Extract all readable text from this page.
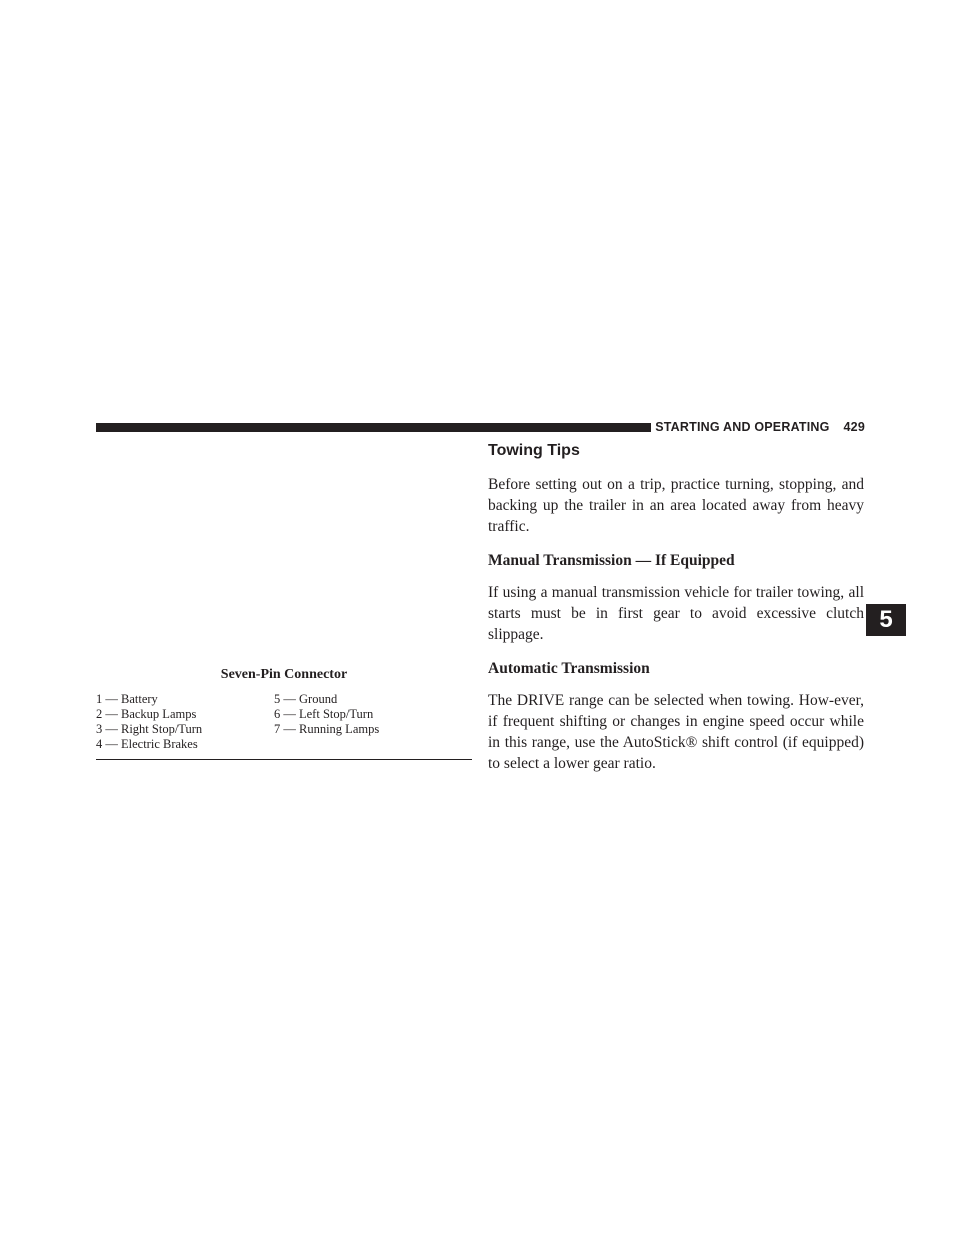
STARTING AND OPERATING 429
5
Seven-Pin Connector
1 — Battery	5 — Ground
2 — Backup Lamps	6 — Left Stop/Turn
3 — Right Stop/Turn	7 — Running Lamps
4 — Electric Brakes
Towing Tips

Before setting out on a trip, practice turning, stopping, and backing up the trailer in an area located away from heavy traffic.

Manual Transmission — If Equipped

If using a manual transmission vehicle for trailer towing, all starts must be in first gear to avoid excessive clutch slippage.

Automatic Transmission

The DRIVE range can be selected when towing. How-ever, if frequent shifting or changes in engine speed occur while in this range, use the AutoStick® shift control (if equipped) to select a lower gear ratio.
